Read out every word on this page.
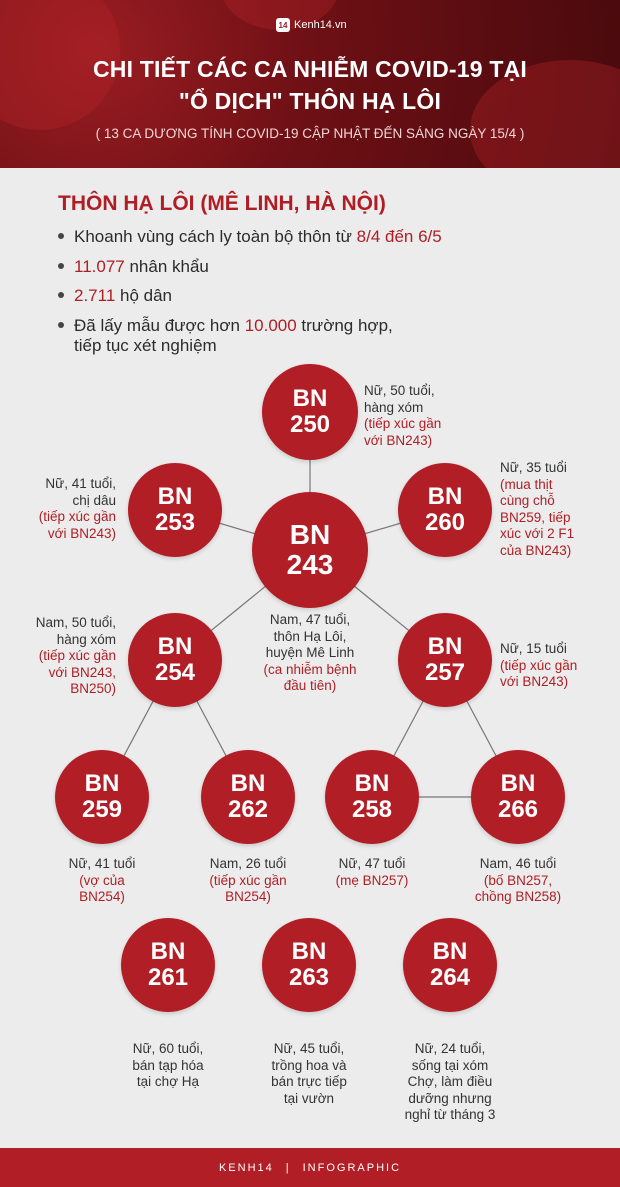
14 Kenh14.vn
CHI TIẾT CÁC CA NHIỄM COVID-19 TẠI
"Ổ DỊCH" THÔN HẠ LÔI
( 13 CA DƯƠNG TÍNH COVID-19 CẬP NHẬT ĐẾN SÁNG NGÀY 15/4 )
THÔN HẠ LÔI (MÊ LINH, HÀ NỘI)
Khoanh vùng cách ly toàn bộ thôn từ 8/4 đến 6/5
11.077 nhân khẩu
2.711 hộ dân
Đã lấy mẫu được hơn 10.000 trường hợp,
tiếp tục xét nghiệm
BN
250
Nữ, 50 tuổi,
hàng xóm
(tiếp xúc gần
với BN243)
BN
253
Nữ, 41 tuổi,
chị dâu
(tiếp xúc gần
với BN243)
BN
260
Nữ, 35 tuổi
(mua thịt
cùng chỗ
BN259, tiếp
xúc với 2 F1
của BN243)
BN
243
Nam, 47 tuổi,
thôn Hạ Lôi,
huyện Mê Linh
(ca nhiễm bệnh
đầu tiên)
BN
254
Nam, 50 tuổi,
hàng xóm
(tiếp xúc gần
với BN243,
BN250)
BN
257
Nữ, 15 tuổi
(tiếp xúc gần
với BN243)
BN
259
Nữ, 41 tuổi
(vợ của
BN254)
BN
262
Nam, 26 tuổi
(tiếp xúc gần
BN254)
BN
258
Nữ, 47 tuổi
(mẹ BN257)
BN
266
Nam, 46 tuổi
(bố BN257,
chồng BN258)
BN
261
Nữ, 60 tuổi,
bán tạp hóa
tại chợ Hạ
BN
263
Nữ, 45 tuổi,
trồng hoa và
bán trực tiếp
tại vườn
BN
264
Nữ, 24 tuổi,
sống tại xóm
Chợ, làm điều
dưỡng nhưng
nghỉ từ tháng 3
KENH14 | INFOGRAPHIC
